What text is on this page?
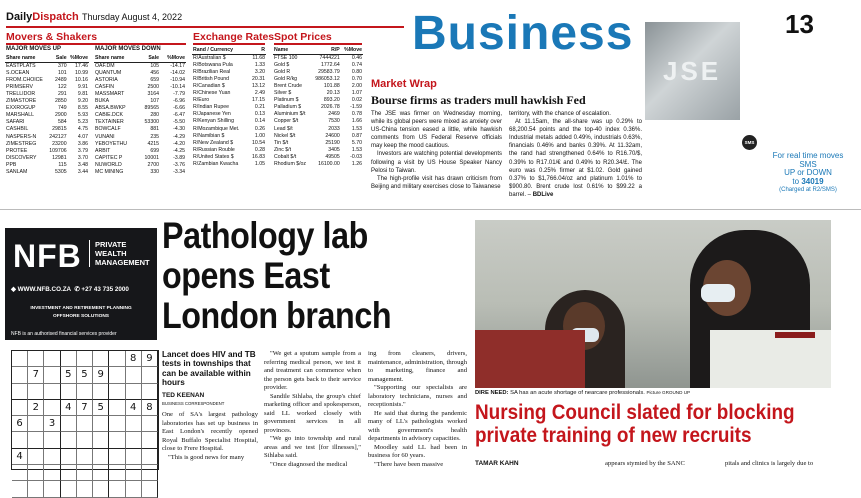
DailyDispatch Thursday August 4, 2022	Business	13
Movers & Shakers
MAJOR MOVES UP	MAJOR MOVES DOWN
Share name	Sale	%Move
EASTPLATS	370	17.46
S.OCEAN	101	10.99
FROM.CHOICE	2489	10.16
PRIMSERV	122	9.91
TRELLIDOR	291	9.81
ZIMASTORE	2850	9.20
EXXROGUP	749	8.55
MARSHALL	2900	5.93
SAFARI	584	5.23
CASHBIL	29815	4.75
NASPERS-N	242127	4.07
ZIMESTREG	23200	3.86
PROTEE	109706	3.79
DISCOVERY	12981	3.70
PPB	115	3.48
SANLAM	5305	3.44
Share name	Sale	%Move
OAF.DM	105	-14.17
QUANTUM	456	-14.02
ASTORIA	659	-10.94
CASFIN	2500	-10.14
MASSMART	3164	-7.79
BUKA	107	-6.96
ABSA.BWKP	89565	-6.66
CABIE.DCK	280	-6.47
TEXTAINER	53300	-5.50
BOWCALF	881	-4.30
VUNANI	235	-4.29
YEBOYETHU	4215	-4.20
ARBIT	699	-4.25
CAPITEC P	10001	-3.89
NUWORLD	2700	-3.76
MC MINING	330	-3.34
Exchange Rates
Rand / Currency	R
R/Australian $	11.68
R/Botswana Pula	1.33
R/Brazilian Real	3.20
R/British Pound	20.31
R/Canadian $	13.12
R/Chinese Yuan	2.49
R/Euro	17.15
R/Indian Rupee	0.21
R/Japanese Yen	0.13
R/Kenyan Shilling	0.14
R/Mozambique Met.	0.26
R/Namibian $	1.00
R/New Zealand $	10.54
R/Russian Rouble	0.28
R/United States $	16.83
R/Zambian Kwacha	1.05
Spot Prices
Name	R/P	%Move
FTSE 100	7444221	0.46
Gold $	1772.64	0.74
Gold R	29583.79	0.80
Gold R/kg	986053.12	0.70
Brent Crude	101.88	2.00
Silver $	20.13	1.07
Platinum $	893.20	0.02
Palladium $	2026.78	-1.59
Aluminium $/t	2469	0.78
Copper $/t	7530	1.66
Lead $/t	2033	1.53
Nickel $/t	24600	0.87
Tin $/t	25190	5.70
Zinc $/t	3405	1.53
Cobalt $/t	49505	-0.03
Rhodium $/oz	16100.00	1.26
Market Wrap
Bourse firms as traders mull hawkish Fed
The JSE was firmer on Wednesday morning, while its global peers were mixed as anxiety over US-China tension eased a little, while hawkish comments from US Federal Reserve officials may keep the mood cautious.
Investors are watching potential developments following a visit by US House Speaker Nancy Pelosi to Taiwan.
The high-profile visit has drawn criticism from Beijing and military exercises close to Taiwanese
territory, with the chance of escalation.
At 11.15am, the all-share was up 0.29% to 68,200.54 points and the top-40 index 0.36%. Industrial metals added 0.49%, industrials 0.63%, financials 0.46% and banks 0.39%. At 11.32am, the rand had strengthened 0.64% to R16.70/$, 0.39% to R17.01/€ and 0.49% to R20.34/£. The euro was 0.25% firmer at $1.02. Gold gained 0.37% to $1,766.04/oz and platinum 1.01% to $900.80. Brent crude lost 0.61% to $99.22 a barrel. – BDLive
JSE
SMS
For real time moves
SMS
UP or DOWN
to 34019
(Charged at R2/SMS)
NFB PRIVATE
WEALTH
MANAGEMENT
◆ WWW.NFB.CO.ZA ✆ +27 43 735 2000
INVESTMENT AND RETIREMENT PLANNING
OFFSHORE SOLUTIONS
NFB is an authorised financial services provider
8 9
7	5 5 9
2	4 7 5	4 8
6	3
4
Pathology lab opens East London branch
Lancet does HIV and TB tests in townships that can be available within hours
TED KEENAN
BUSINESS CORRESPONDENT
One of SA's largest pathology laboratories has set up business in East London's recently opened Royal Buffalo Specialist Hospital, close to Frere Hospital.
"This is good news for many
"We get a sputum sample from a referring medical person, we test it and treatment can commence when the person gets back to their service provider.
Sandile Sihlaba, the group's chief marketing officer and spokesperson, said LL worked closely with government services in all provinces.
"We go into township and rural areas and we test [for illnesses]," Sihlaba said.
"Once diagnosed the medical
ing from cleaners, drivers, maintenance, administration, through to marketing, finance and management.
"Supporting our specialists are laboratory technicians, nurses and receptionists."
He said that during the pandemic many of LL's pathologists worked with government's health departments in advisory capacities.
Moodley said LL had been in business for 60 years.
"There have been massive
DIRE NEED: SA has an acute shortage of nearcare professionals. Picture GROUND UP
Nursing Council slated for blocking private training of new recruits
TAMAR KAHN	appears stymied by the SANC	pitals and clinics is largely due to
